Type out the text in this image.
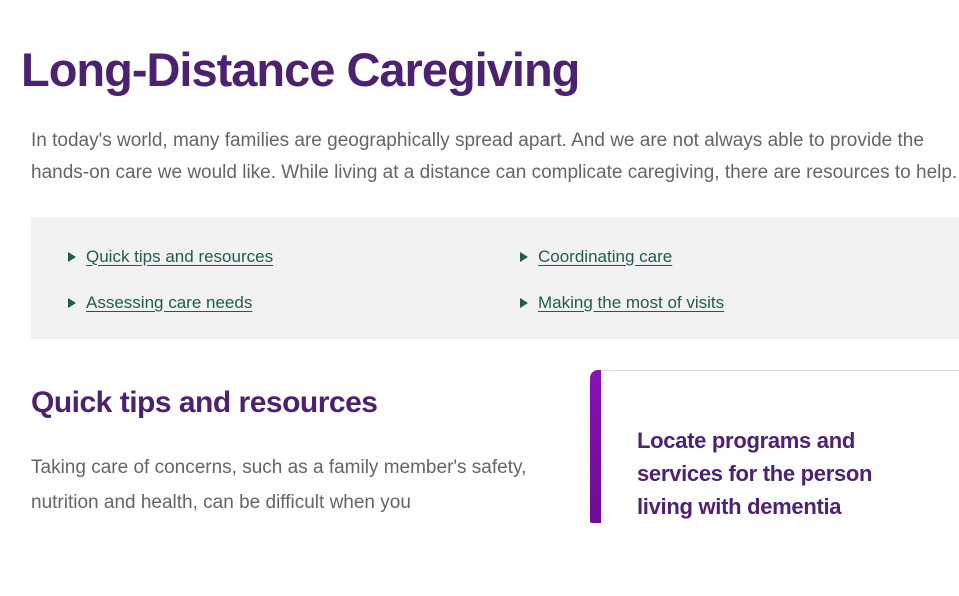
Long-Distance Caregiving

In today's world, many families are geographically spread apart. And we are not always able to provide the hands-on care we would like. While living at a distance can complicate caregiving, there are resources to help.

Quick tips and resources
Assessing care needs
Coordinating care
Making the most of visits
Quick tips and resources

Taking care of concerns, such as a family member's safety, nutrition and health, can be difficult when you

Locate programs and services for the person living with dementia
